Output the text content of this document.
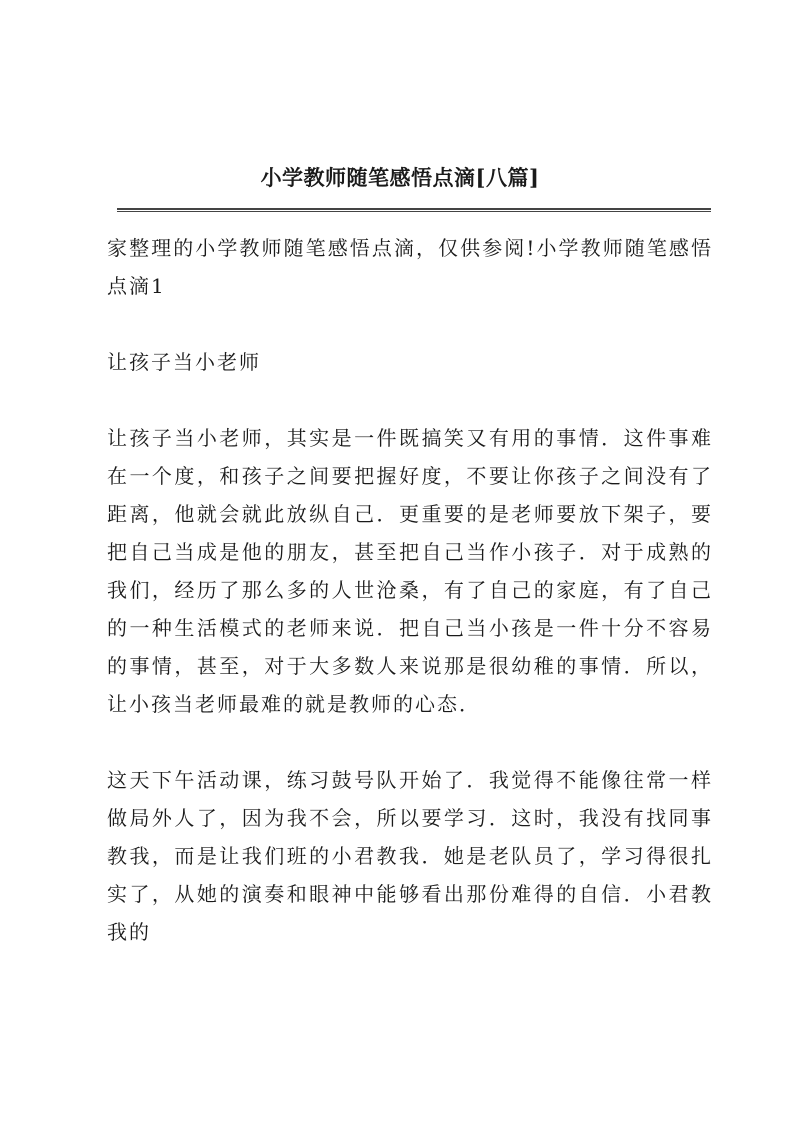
小学教师随笔感悟点滴[八篇]

家整理的小学教师随笔感悟点滴，仅供参阅!小学教师随笔感悟点滴1

让孩子当小老师

让孩子当小老师，其实是一件既搞笑又有用的事情．这件事难在一个度，和孩子之间要把握好度，不要让你孩子之间没有了距离，他就会就此放纵自己．更重要的是老师要放下架子，要把自己当成是他的朋友，甚至把自己当作小孩子．对于成熟的我们，经历了那么多的人世沧桑，有了自己的家庭，有了自己的一种生活模式的老师来说．把自己当小孩是一件十分不容易的事情，甚至，对于大多数人来说那是很幼稚的事情．所以，让小孩当老师最难的就是教师的心态．

这天下午活动课，练习鼓号队开始了．我觉得不能像往常一样做局外人了，因为我不会，所以要学习．这时，我没有找同事教我，而是让我们班的小君教我．她是老队员了，学习得很扎实了，从她的演奏和眼神中能够看出那份难得的自信．小君教我的
